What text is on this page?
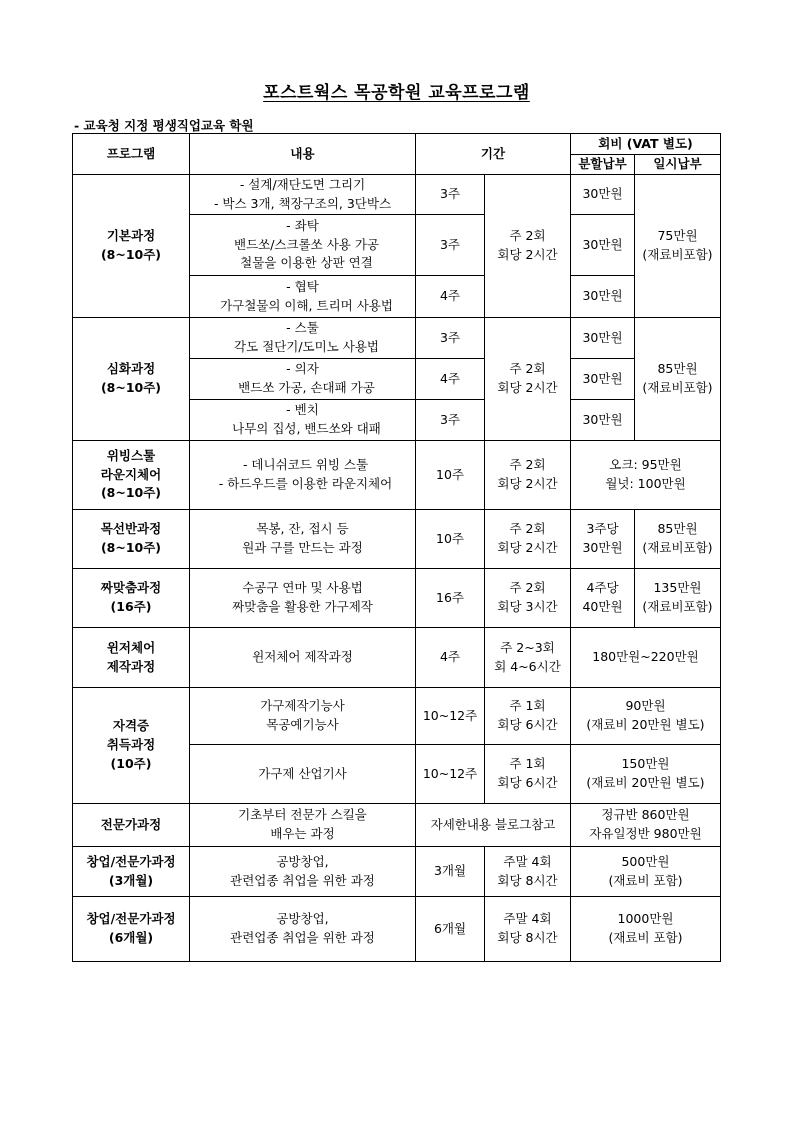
포스트웍스 목공학원 교육프로그램
- 교육청 지정 평생직업교육 학원
프로그램	내용	기간		회비 (VAT 별도)	
				분할납부	일시납부

기본과정
(8~10주)	- 설계/재단도면 그리기
- 박스 3개, 책장구조의, 3단박스	3주	주 2회
회당 2시간	30만원	75만원
(재료비포함)

	- 좌탁
밴드쏘/스크롤쏘 사용 가공
철물을 이용한 상판 연결	3주		30만원	

	- 협탁
가구철물의 이해, 트리머 사용법	4주		30만원	

심화과정
(8~10주)	- 스툴
각도 절단기/도미노 사용법	3주	주 2회
회당 2시간	30만원	85만원
(재료비포함)

	- 의자
밴드쏘 가공, 손대패 가공	4주		30만원	

	- 벤치
나무의 집성, 밴드쏘와 대패	3주		30만원	

위빙스툴
라운지체어
(8~10주)	- 데니쉬코드 위빙 스툴
- 하드우드를 이용한 라운지체어	10주	주 2회
회당 2시간	오크: 95만원
월넛: 100만원	

목선반과정
(8~10주)	목봉, 잔, 접시 등
원과 구를 만드는 과정	10주	주 2회
회당 2시간	3주당
30만원	85만원
(재료비포함)

짜맞춤과정
(16주)	수공구 연마 및 사용법
짜맞춤을 활용한 가구제작	16주	주 2회
회당 3시간	4주당
40만원	135만원
(재료비포함)

윈저체어
제작과정	윈저체어 제작과정	4주	주 2~3회
회 4~6시간	180만원~220만원	

자격증
취득과정
(10주)	가구제작기능사
목공예기능사	10~12주	주 1회
회당 6시간	90만원
(재료비 20만원 별도)	

	가구제 산업기사	10~12주	주 1회
회당 6시간	150만원
(재료비 20만원 별도)	

전문가과정	기초부터 전문가 스킬을
배우는 과정	자세한내용 블로그참고		정규반 860만원
자유일정반 980만원	

창업/전문가과정
(3개월)	공방창업,
관련업종 취업을 위한 과정	3개월	주말 4회
회당 8시간	500만원
(재료비 포함)	

창업/전문가과정
(6개월)	공방창업,
관련업종 취업을 위한 과정	6개월	주말 4회
회당 8시간	1000만원
(재료비 포함)	
